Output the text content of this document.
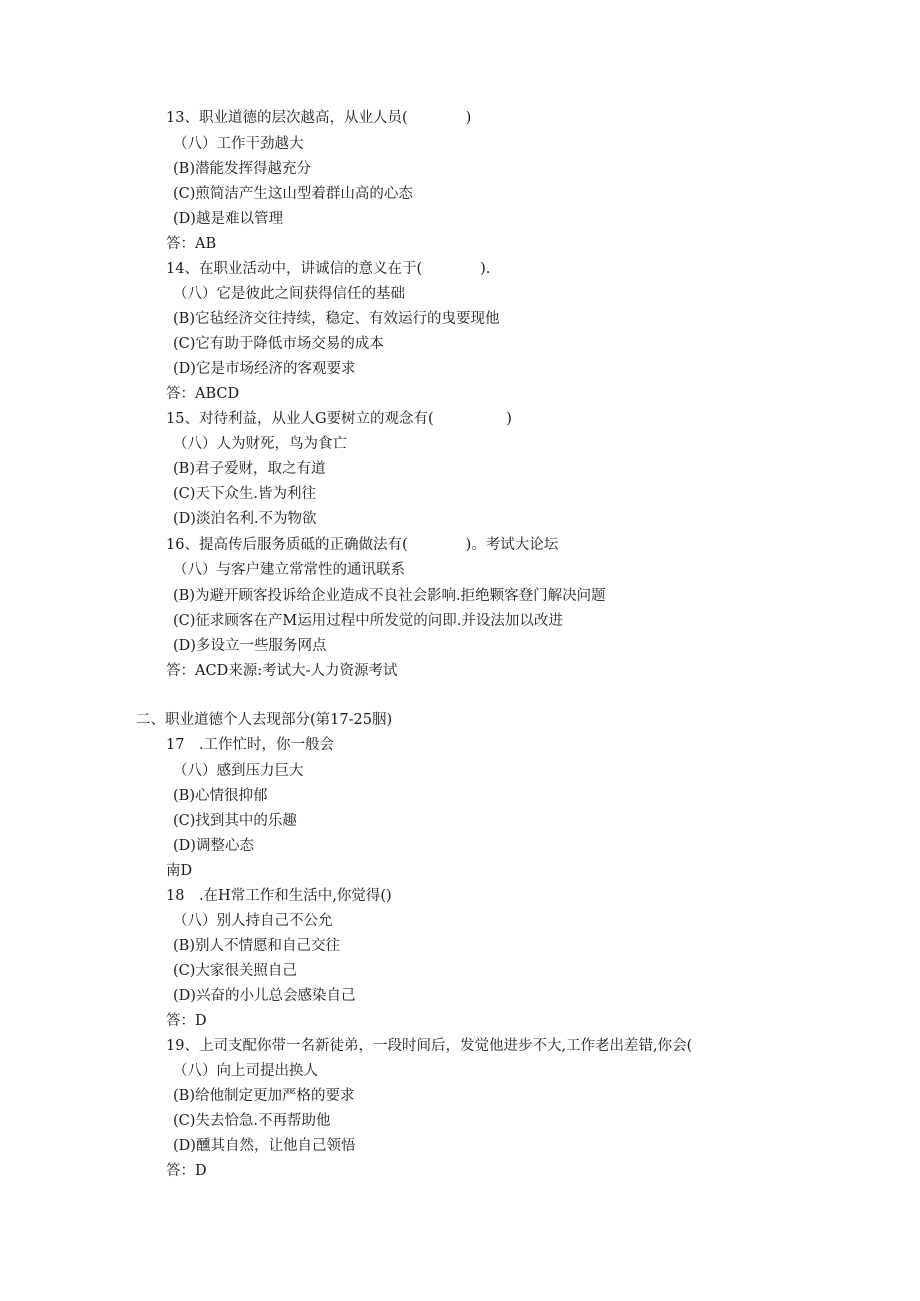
13、职业道德的层次越高，从业人员(　　　　)
（八）工作干劲越大
(B)潜能发挥得越充分
(C)煎简洁产生这山型着群山高的心态
(D)越是难以管理
答：AB
14、在职业活动中，讲诚信的意义在于(　　　　).
（八）它是彼此之间获得信任的基础
(B)它毡经济交往持续，稳定、有效运行的曳要现他
(C)它有助于降低市场交易的成本
(D)它是市场经济的客观要求
答：ABCD
15、对待利益，从业人G要树立的观念有(　　　　　)
（八）人为财死，鸟为食亡
(B)君子爱财，取之有道
(C)天下众生.皆为利往
(D)淡泊名利.不为物欲
16、提高传后服务质砥的正确做法有(　　　　)。考试大论坛
（八）与客户建立常常性的通讯联系
(B)为避开顾客投诉给企业造成不良社会影响.拒绝颗客登门解决问题
(C)征求顾客在产M运用过程中所发觉的问即.并设法加以改进
(D)多设立一些服务网点
答：ACD来源:考试大-人力资源考试
二、职业道德个人去现部分(第17-25胭)
17　.工作忙时，你一般会
（八）感到压力巨大
(B)心情很抑郁
(C)找到其中的乐趣
(D)调整心态
南D
18　.在H常工作和生活中,你觉得()
（八）别人持自己不公允
(B)别人不情愿和自己交往
(C)大家很关照自己
(D)兴奋的小儿总会感染自己
答：D
19、上司支配你带一名新徒弟，一段时间后，发觉他进步不大,工作老出差错,你会(
（八）向上司提出换人
(B)给他制定更加严格的要求
(C)失去恰急.不再帮助他
(D)醺其自然，让他自己领悟
答：D
